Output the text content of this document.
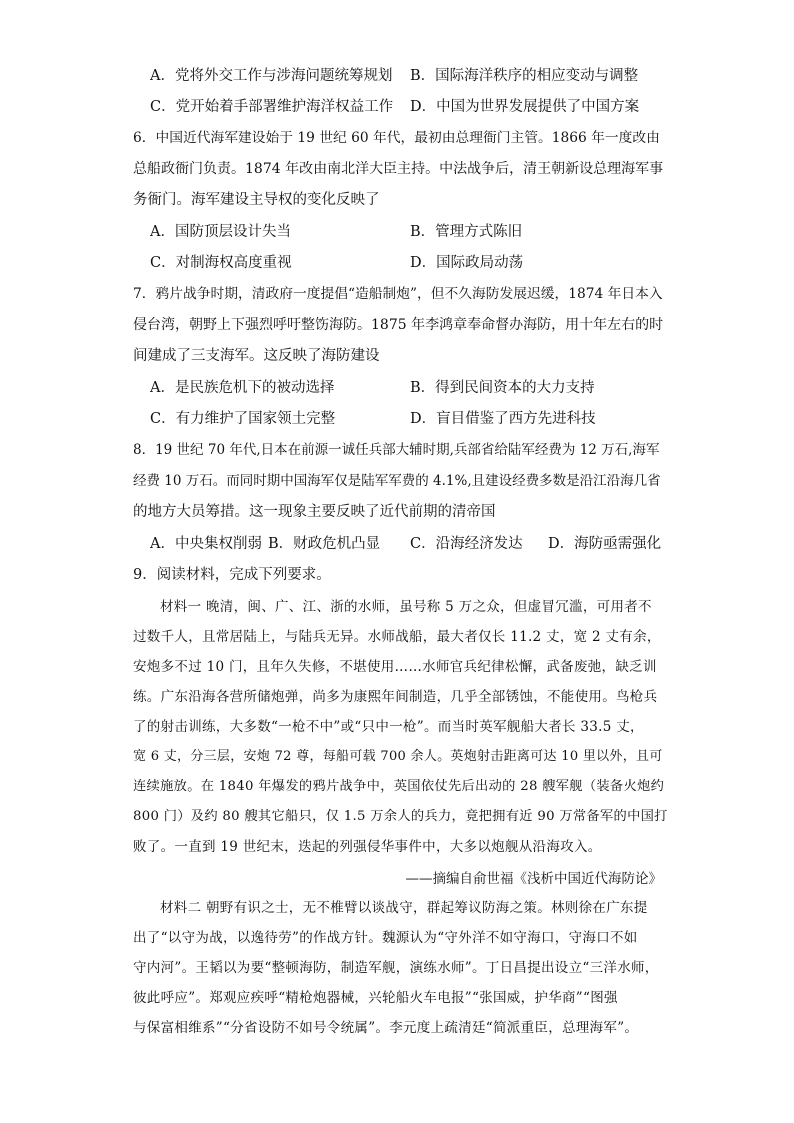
A．党将外交工作与涉海问题统筹规划 B．国际海洋秩序的相应变动与调整
C．党开始着手部署维护海洋权益工作 D．中国为世界发展提供了中国方案
6．中国近代海军建设始于 19 世纪 60 年代，最初由总理衙门主管。1866 年一度改由
总船政衙门负责。1874 年改由南北洋大臣主持。中法战争后，清王朝新设总理海军事
务衙门。海军建设主导权的变化反映了
A．国防顶层设计失当	B．管理方式陈旧
C．对制海权高度重视	D．国际政局动荡
7．鸦片战争时期，清政府一度提倡“造船制炮”，但不久海防发展迟缓，1874 年日本入
侵台湾，朝野上下强烈呼吁整饬海防。1875 年李鸿章奉命督办海防，用十年左右的时
间建成了三支海军。这反映了海防建设
A．是民族危机下的被动选择	B．得到民间资本的大力支持
C．有力维护了国家领土完整	D．盲目借鉴了西方先进科技
8．19 世纪 70 年代,日本在前源一诚任兵部大辅时期,兵部省给陆军经费为 12 万石,海军
经费 10 万石。而同时期中国海军仅是陆军军费的 4.1%,且建设经费多数是沿江沿海几省
的地方大员筹措。这一现象主要反映了近代前期的清帝国
A．中央集权削弱 B．财政危机凸显 C．沿海经济发达 D．海防亟需强化
9．阅读材料，完成下列要求。
材料一 晚清，闽、广、江、浙的水师，虽号称 5 万之众，但虚冒冗滥，可用者不
过数千人，且常居陆上，与陆兵无异。水师战船，最大者仅长 11.2 丈，宽 2 丈有余，
安炮多不过 10 门，且年久失修，不堪使用……水师官兵纪律松懈，武备废弛，缺乏训
练。广东沿海各营所储炮弹，尚多为康熙年间制造，几乎全部锈蚀，不能使用。鸟枪兵
了的射击训练，大多数“一枪不中”或“只中一枪”。而当时英军舰船大者长 33.5 丈，
宽 6 丈，分三层，安炮 72 尊，每船可载 700 余人。英炮射击距离可达 10 里以外，且可
连续施放。在 1840 年爆发的鸦片战争中，英国依仗先后出动的 28 艘军舰（装备火炮约
800 门）及约 80 艘其它船只，仅 1.5 万余人的兵力，竟把拥有近 90 万常备军的中国打
败了。一直到 19 世纪末，迭起的列强侵华事件中，大多以炮舰从沿海攻入。
——摘编自俞世福《浅析中国近代海防论》
材料二 朝野有识之士，无不椎臂以谈战守，群起筹议防海之策。林则徐在广东提
出了“以守为战，以逸待劳”的作战方针。魏源认为“守外洋不如守海口，守海口不如
守内河”。王韬以为要“整顿海防，制造军舰，演练水师”。丁日昌提出设立“三洋水师，
彼此呼应”。郑观应疾呼“精枪炮器械，兴轮船火车电报”“张国威，护华商”“图强
与保富相维系”“分省设防不如号令统属”。李元度上疏清廷“简派重臣，总理海军”。
